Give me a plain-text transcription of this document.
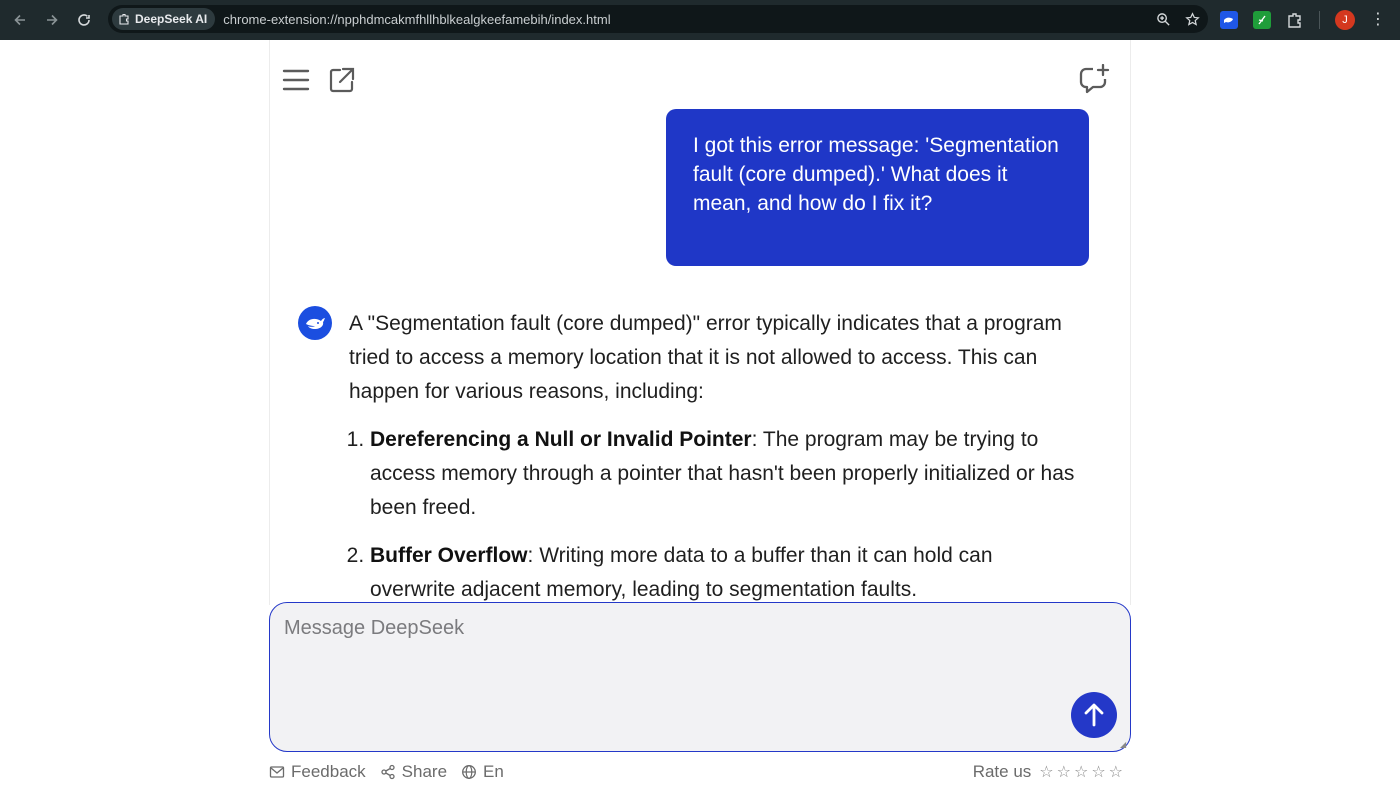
DeepSeek AI chrome-extension://npphdmcakmfhllhblkealgkeefamebih/index.html	J	⋮
I got this error message: 'Segmentation fault (core dumped).' What does it mean, and how do I fix it?

A "Segmentation fault (core dumped)" error typically indicates that a program tried to access a memory location that it is not allowed to access. This can happen for various reasons, including:

1. Dereferencing a Null or Invalid Pointer: The program may be trying to access memory through a pointer that hasn't been properly initialized or has been freed.
2. Buffer Overflow: Writing more data to a buffer than it can hold can overwrite adjacent memory, leading to segmentation faults.
Message DeepSeek
◢
Feedback Share En	Rate us ☆ ☆ ☆ ☆ ☆
